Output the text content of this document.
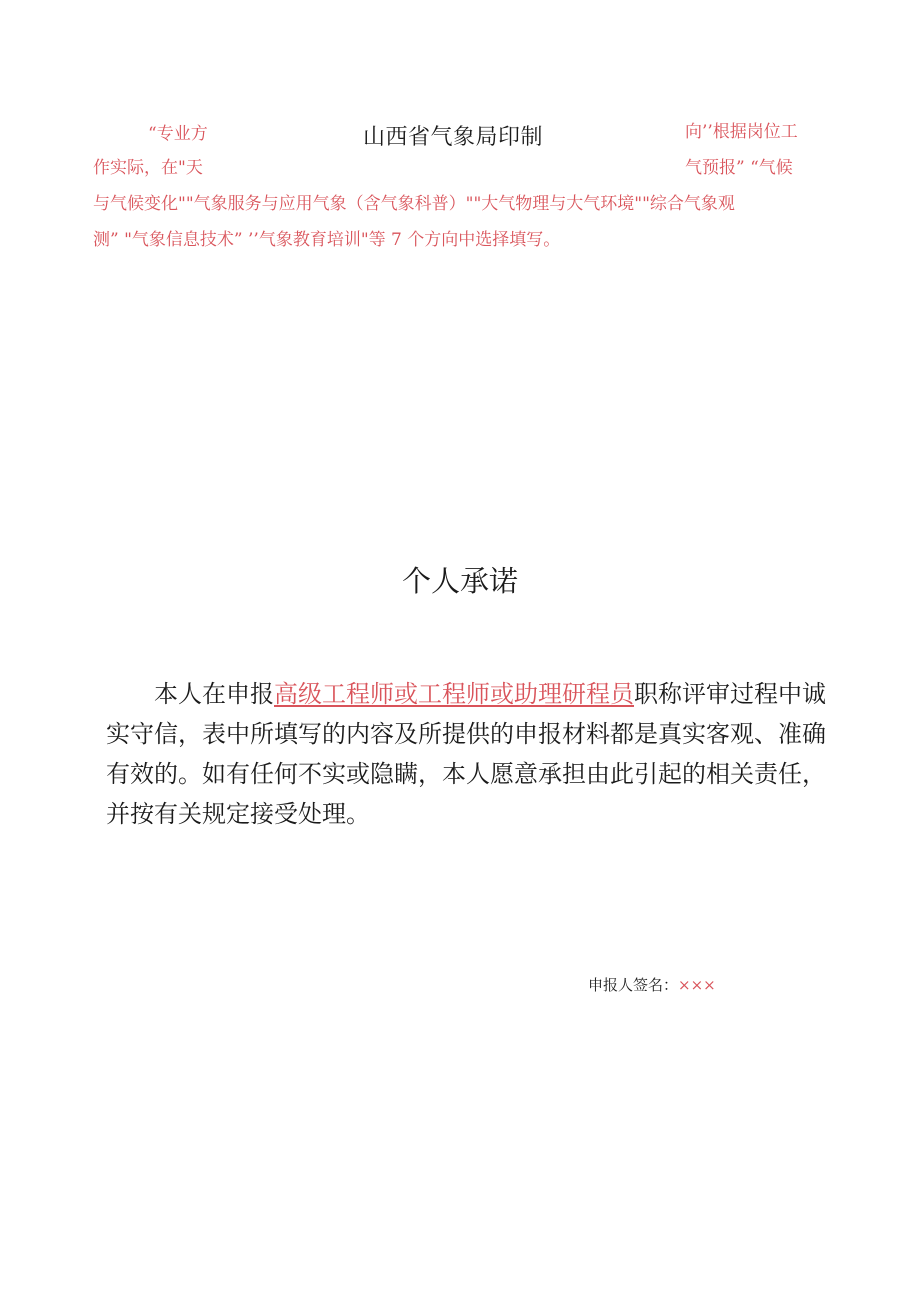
“专业方
作实际，在"天
山西省气象局印制	向’’根据岗位工
气预报” “气候
与气候变化""气象服务与应用气象（含气象科普）""大气物理与大气环境""综合气象观
测” "气象信息技术” ’’气象教育培训"等 7 个方向中选择填写。
个人承诺

本人在申报高级工程师或工程师或助理研程员职称评审过程中诚实守信，表中所填写的内容及所提供的申报材料都是真实客观、准确有效的。如有任何不实或隐瞒，本人愿意承担由此引起的相关责任，并按有关规定接受处理。

申报人签名：×××
